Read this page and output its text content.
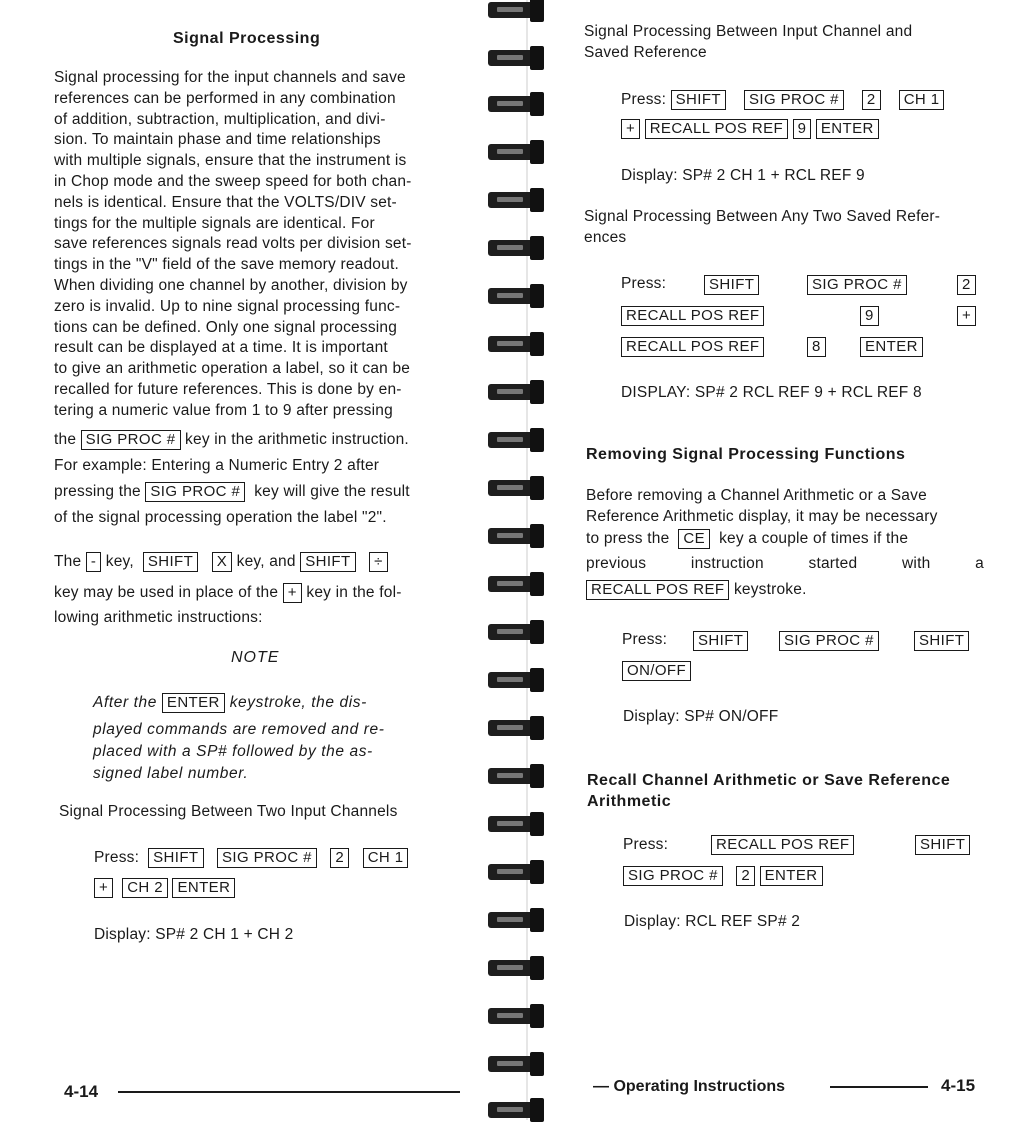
Signal Processing
Signal processing for the input channels and save
references can be performed in any combination
of addition, subtraction, multiplication, and divi-
sion. To maintain phase and time relationships
with multiple signals, ensure that the instrument is
in Chop mode and the sweep speed for both chan-
nels is identical. Ensure that the VOLTS/DIV set-
tings for the multiple signals are identical. For
save references signals read volts per division set-
tings in the "V" field of the save memory readout.
When dividing one channel by another, division by
zero is invalid. Up to nine signal processing func-
tions can be defined. Only one signal processing
result can be displayed at a time. It is important
to give an arithmetic operation a label, so it can be
recalled for future references. This is done by en-
tering a numeric value from 1 to 9 after pressing
the SIG PROC # key in the arithmetic instruction.
For example: Entering a Numeric Entry 2 after
pressing the SIG PROC # key will give the result
of the signal processing operation the label "2".
The - key, SHIFT X key, and SHIFT ÷
key may be used in place of the + key in the fol-
lowing arithmetic instructions:
NOTE
After the ENTER keystroke, the dis-
played commands are removed and re-
placed with a SP# followed by the as-
signed label number.
Signal Processing Between Two Input Channels
Press: SHIFT SIG PROC # 2 CH 1
+ CH 2 ENTER
Display: SP# 2 CH 1 + CH 2
4-14
Signal Processing Between Input Channel and
Saved Reference
Press: SHIFT SIG PROC # 2 CH 1
+ RECALL POS REF 9 ENTER
Display: SP# 2 CH 1 + RCL REF 9
Signal Processing Between Any Two Saved Refer-
ences
Press:	SHIFT	SIG PROC #	2
RECALL POS REF	9	+
RECALL POS REF	8	ENTER
DISPLAY: SP# 2 RCL REF 9 + RCL REF 8
Removing Signal Processing Functions
Before removing a Channel Arithmetic or a Save
Reference Arithmetic display, it may be necessary
to press the CE key a couple of times if the
previous	instruction	started	with	a
RECALL POS REF keystroke.
Press:	SHIFT	SIG PROC #	SHIFT
ON/OFF
Display: SP# ON/OFF
Recall Channel Arithmetic or Save Reference
Arithmetic
Press:	RECALL POS REF	SHIFT
SIG PROC # 2 ENTER
Display: RCL REF SP# 2
— Operating Instructions	4-15
